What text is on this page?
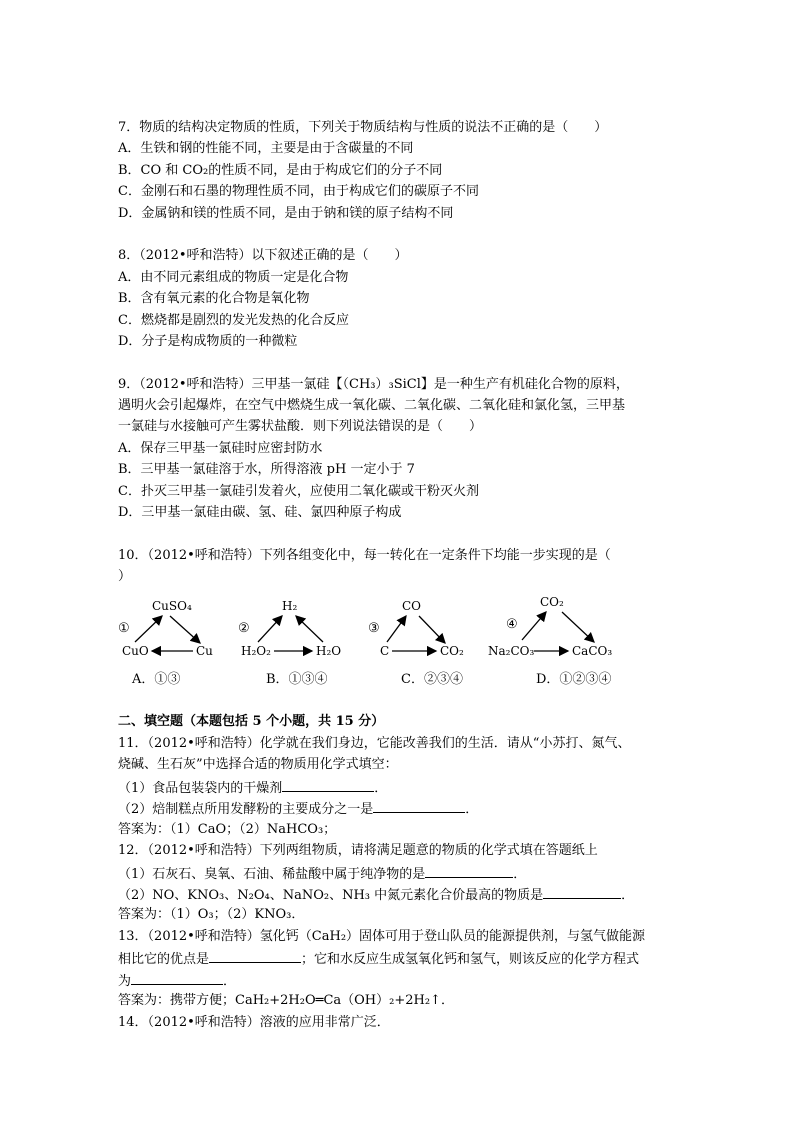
7．物质的结构决定物质的性质，下列关于物质结构与性质的说法不正确的是（　　）
A．生铁和钢的性能不同，主要是由于含碳量的不同
B．CO 和 CO₂的性质不同，是由于构成它们的分子不同
C．金刚石和石墨的物理性质不同，由于构成它们的碳原子不同
D．金属钠和镁的性质不同，是由于钠和镁的原子结构不同
8．（2012•呼和浩特）以下叙述正确的是（　　）
A．由不同元素组成的物质一定是化合物
B．含有氧元素的化合物是氧化物
C．燃烧都是剧烈的发光发热的化合反应
D．分子是构成物质的一种微粒
9．（2012•呼和浩特）三甲基一氯硅【（CH₃）₃SiCl】是一种生产有机硅化合物的原料，
遇明火会引起爆炸，在空气中燃烧生成一氧化碳、二氧化碳、二氧化硅和氯化氢，三甲基
一氯硅与水接触可产生雾状盐酸．则下列说法错误的是（　　）
A．保存三甲基一氯硅时应密封防水
B．三甲基一氯硅溶于水，所得溶液 pH 一定小于 7
C．扑灭三甲基一氯硅引发着火，应使用二氧化碳或干粉灭火剂
D．三甲基一氯硅由碳、氢、硅、氯四种原子构成
10．（2012•呼和浩特）下列各组变化中，每一转化在一定条件下均能一步实现的是（
）
①
CuSO₄
CuO	Cu
②
H₂
H₂O₂	H₂O
③
CO
C	CO₂
④
CO₂
Na₂CO₃	CaCO₃
A．①③	B．①③④	C．②③④	D．①②③④
二、填空题（本题包括 5 个小题，共 15 分）
11．（2012•呼和浩特）化学就在我们身边，它能改善我们的生活．请从“小苏打、氮气、
烧碱、生石灰”中选择合适的物质用化学式填空：
（1）食品包装袋内的干燥剂	．
（2）焙制糕点所用发酵粉的主要成分之一是	．
答案为：（1）CaO；（2）NaHCO₃；
12．（2012•呼和浩特）下列两组物质，请将满足题意的物质的化学式填在答题纸上
（1）石灰石、臭氧、石油、稀盐酸中属于纯净物的是	．
（2）NO、KNO₃、N₂O₄、NaNO₂、NH₃ 中氮元素化合价最高的物质是	．
答案为：（1）O₃；（2）KNO₃．
13．（2012•呼和浩特）氢化钙（CaH₂）固体可用于登山队员的能源提供剂，与氢气做能源
相比它的优点是	；它和水反应生成氢氧化钙和氢气，则该反应的化学方程式
为	．
答案为：携带方便；CaH₂+2H₂O═Ca（OH）₂+2H₂↑．
14．（2012•呼和浩特）溶液的应用非常广泛．
